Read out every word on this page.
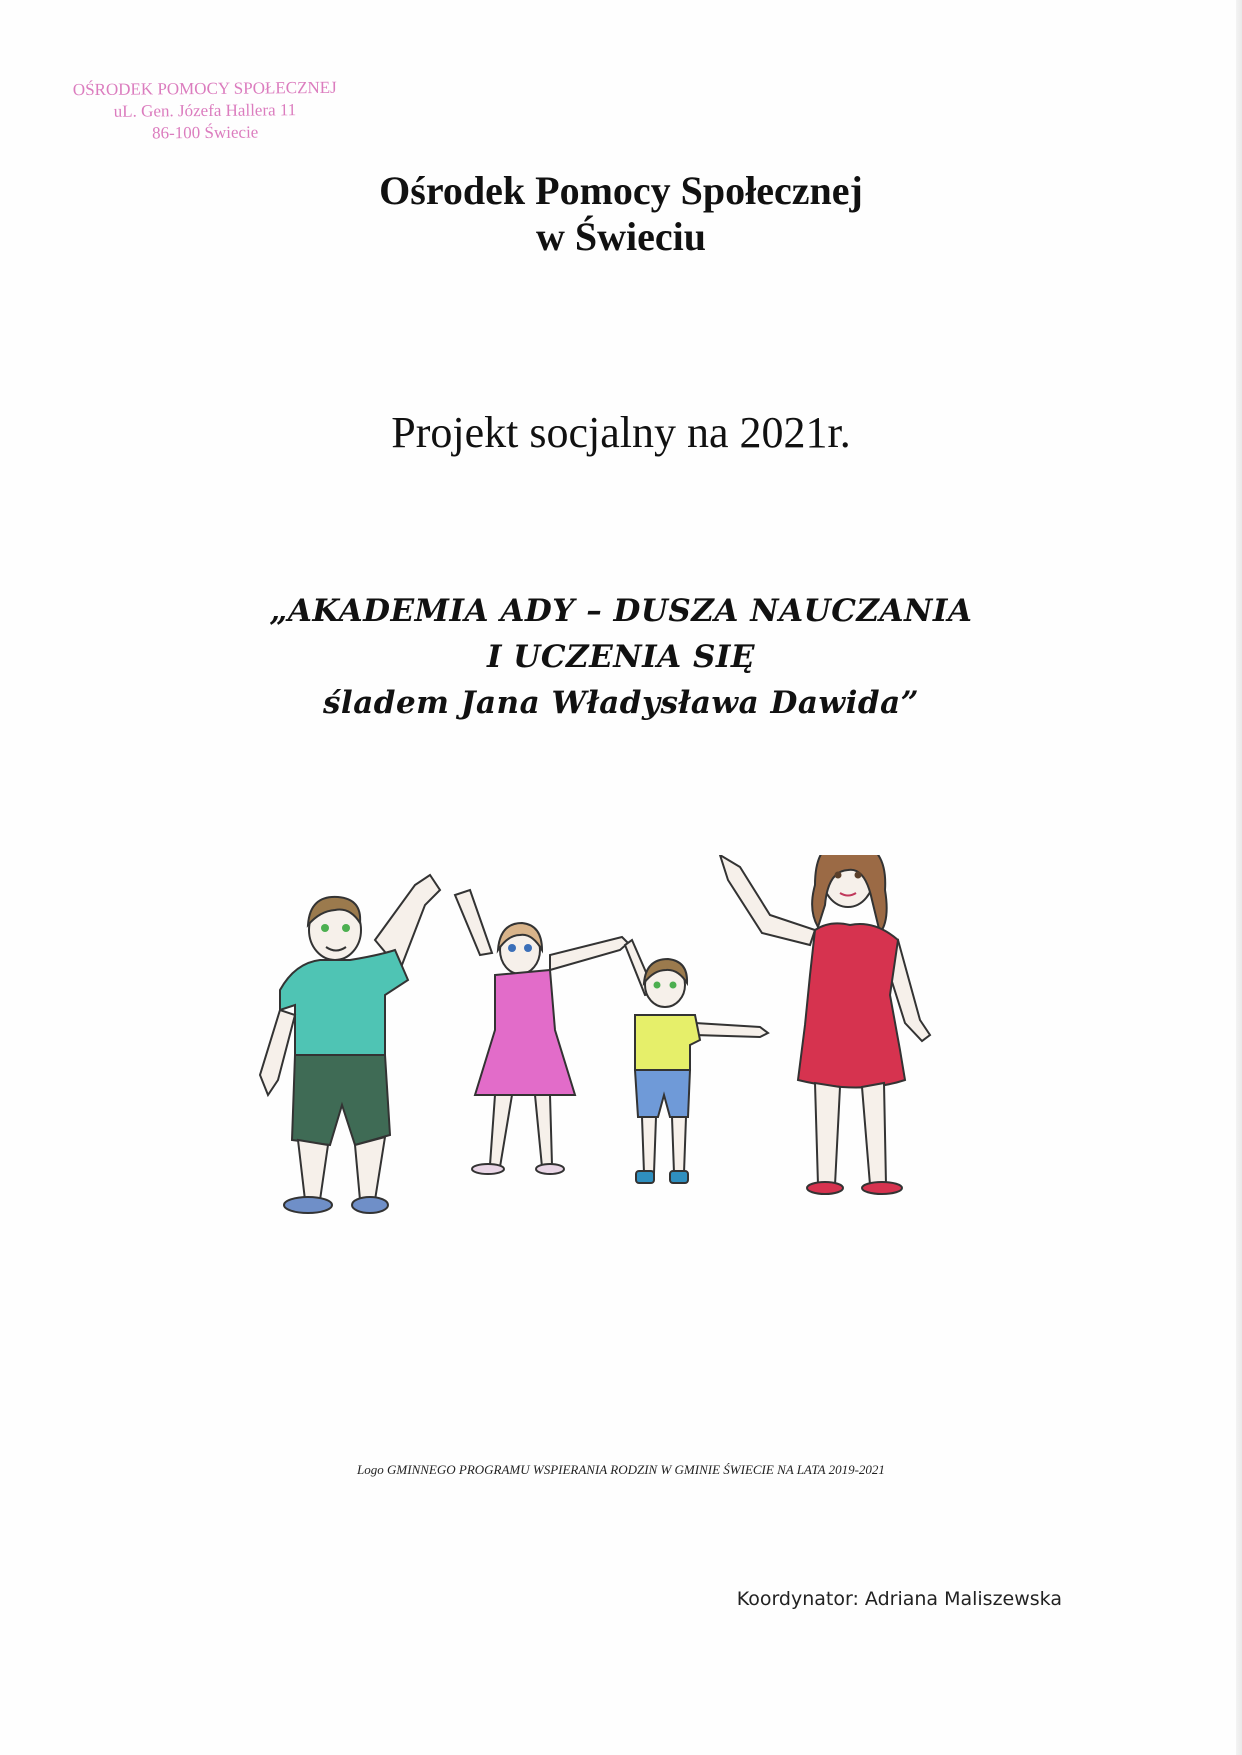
OŚRODEK POMOCY SPOŁECZNEJ
uL. Gen. Józefa Hallera 11
86-100 Świecie
Ośrodek Pomocy Społecznej
w Świeciu
Projekt socjalny na 2021r.
„AKADEMIA ADY – DUSZA NAUCZANIA
I UCZENIA SIĘ
śladem Jana Władysława Dawida”
Logo GMINNEGO PROGRAMU WSPIERANIA RODZIN W GMINIE ŚWIECIE NA LATA 2019-2021
Koordynator: Adriana Maliszewska
